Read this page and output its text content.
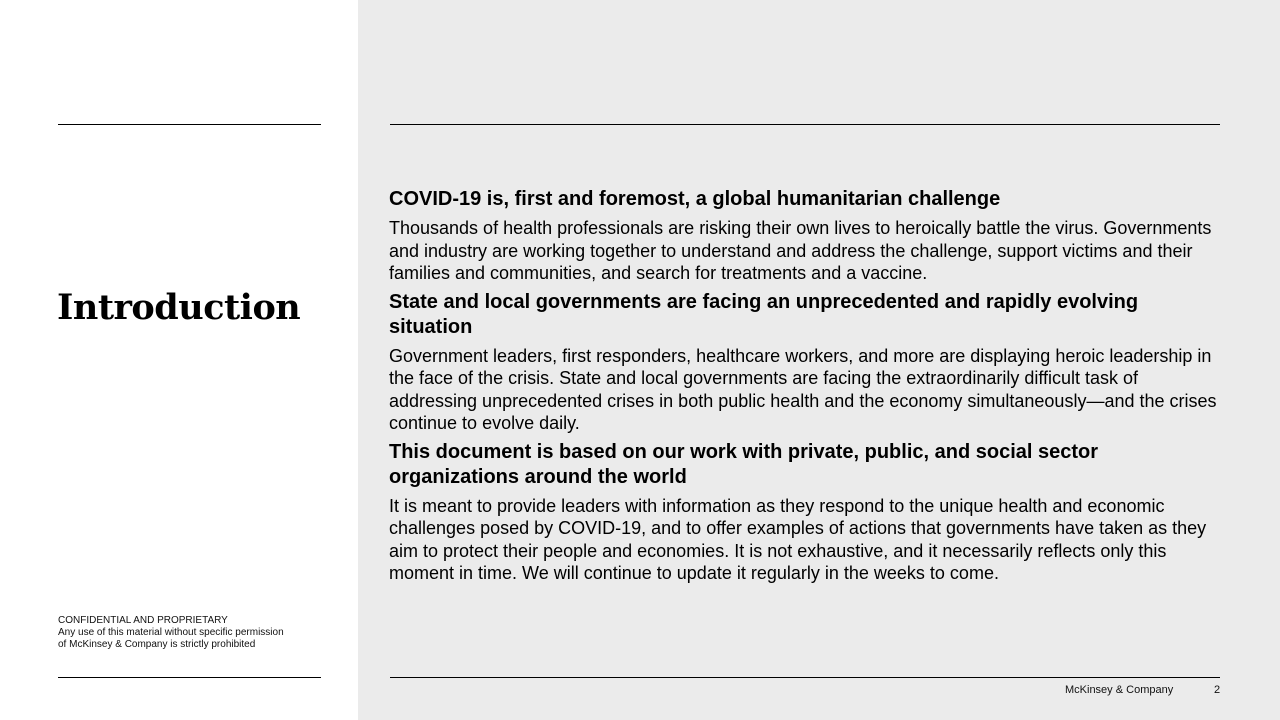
Introduction
CONFIDENTIAL AND PROPRIETARY
Any use of this material without specific permission
of McKinsey & Company is strictly prohibited
COVID-19 is, first and foremost, a global humanitarian challenge

Thousands of health professionals are risking their own lives to heroically battle the virus. Governments and industry are working together to understand and address the challenge, support victims and their families and communities, and search for treatments and a vaccine.

State and local governments are facing an unprecedented and rapidly evolving situation

Government leaders, first responders, healthcare workers, and more are displaying heroic leadership in the face of the crisis. State and local governments are facing the extraordinarily difficult task of addressing unprecedented crises in both public health and the economy simultaneously—and the crises continue to evolve daily.

This document is based on our work with private, public, and social sector organizations around the world

It is meant to provide leaders with information as they respond to the unique health and economic challenges posed by COVID-19, and to offer examples of actions that governments have taken as they aim to protect their people and economies. It is not exhaustive, and it necessarily reflects only this moment in time. We will continue to update it regularly in the weeks to come.

McKinsey & Company	2
